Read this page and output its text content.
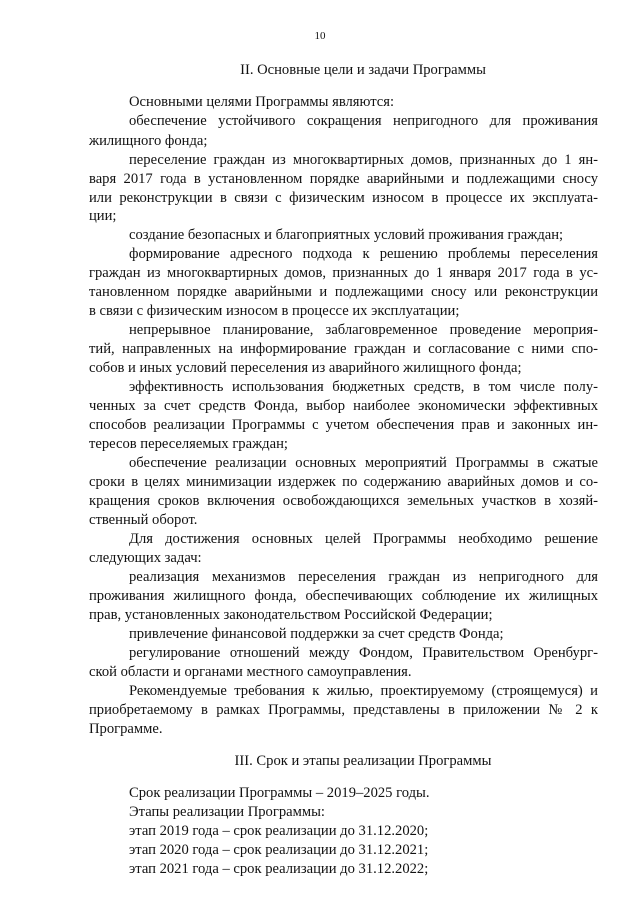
10
II. Основные цели и задачи Программы
Основными целями Программы являются:
обеспечение устойчивого сокращения непригодного для проживания
жилищного фонда;
переселение граждан из многоквартирных домов, признанных до 1 ян-
варя 2017 года в установленном порядке аварийными и подлежащими сносу
или реконструкции в связи с физическим износом в процессе их эксплуата-
ции;
создание безопасных и благоприятных условий проживания граждан;
формирование адресного подхода к решению проблемы переселения
граждан из многоквартирных домов, признанных до 1 января 2017 года в ус-
тановленном порядке аварийными и подлежащими сносу или реконструкции
в связи с физическим износом в процессе их эксплуатации;
непрерывное планирование, заблаговременное проведение мероприя-
тий, направленных на информирование граждан и согласование с ними спо-
собов и иных условий переселения из аварийного жилищного фонда;
эффективность использования бюджетных средств, в том числе полу-
ченных за счет средств Фонда, выбор наиболее экономически эффективных
способов реализации Программы с учетом обеспечения прав и законных ин-
тересов переселяемых граждан;
обеспечение реализации основных мероприятий Программы в сжатые
сроки в целях минимизации издержек по содержанию аварийных домов и со-
кращения сроков включения освобождающихся земельных участков в хозяй-
ственный оборот.
Для достижения основных целей Программы необходимо решение
следующих задач:
реализация механизмов переселения граждан из непригодного для
проживания жилищного фонда, обеспечивающих соблюдение их жилищных
прав, установленных законодательством Российской Федерации;
привлечение финансовой поддержки за счет средств Фонда;
регулирование отношений между Фондом, Правительством Оренбург-
ской области и органами местного самоуправления.
Рекомендуемые требования к жилью, проектируемому (строящемуся) и
приобретаемому в рамках Программы, представлены в приложении № 2 к
Программе.
III. Срок и этапы реализации Программы
Срок реализации Программы – 2019–2025 годы.
Этапы реализации Программы:
этап 2019 года – срок реализации до 31.12.2020;
этап 2020 года – срок реализации до 31.12.2021;
этап 2021 года – срок реализации до 31.12.2022;
